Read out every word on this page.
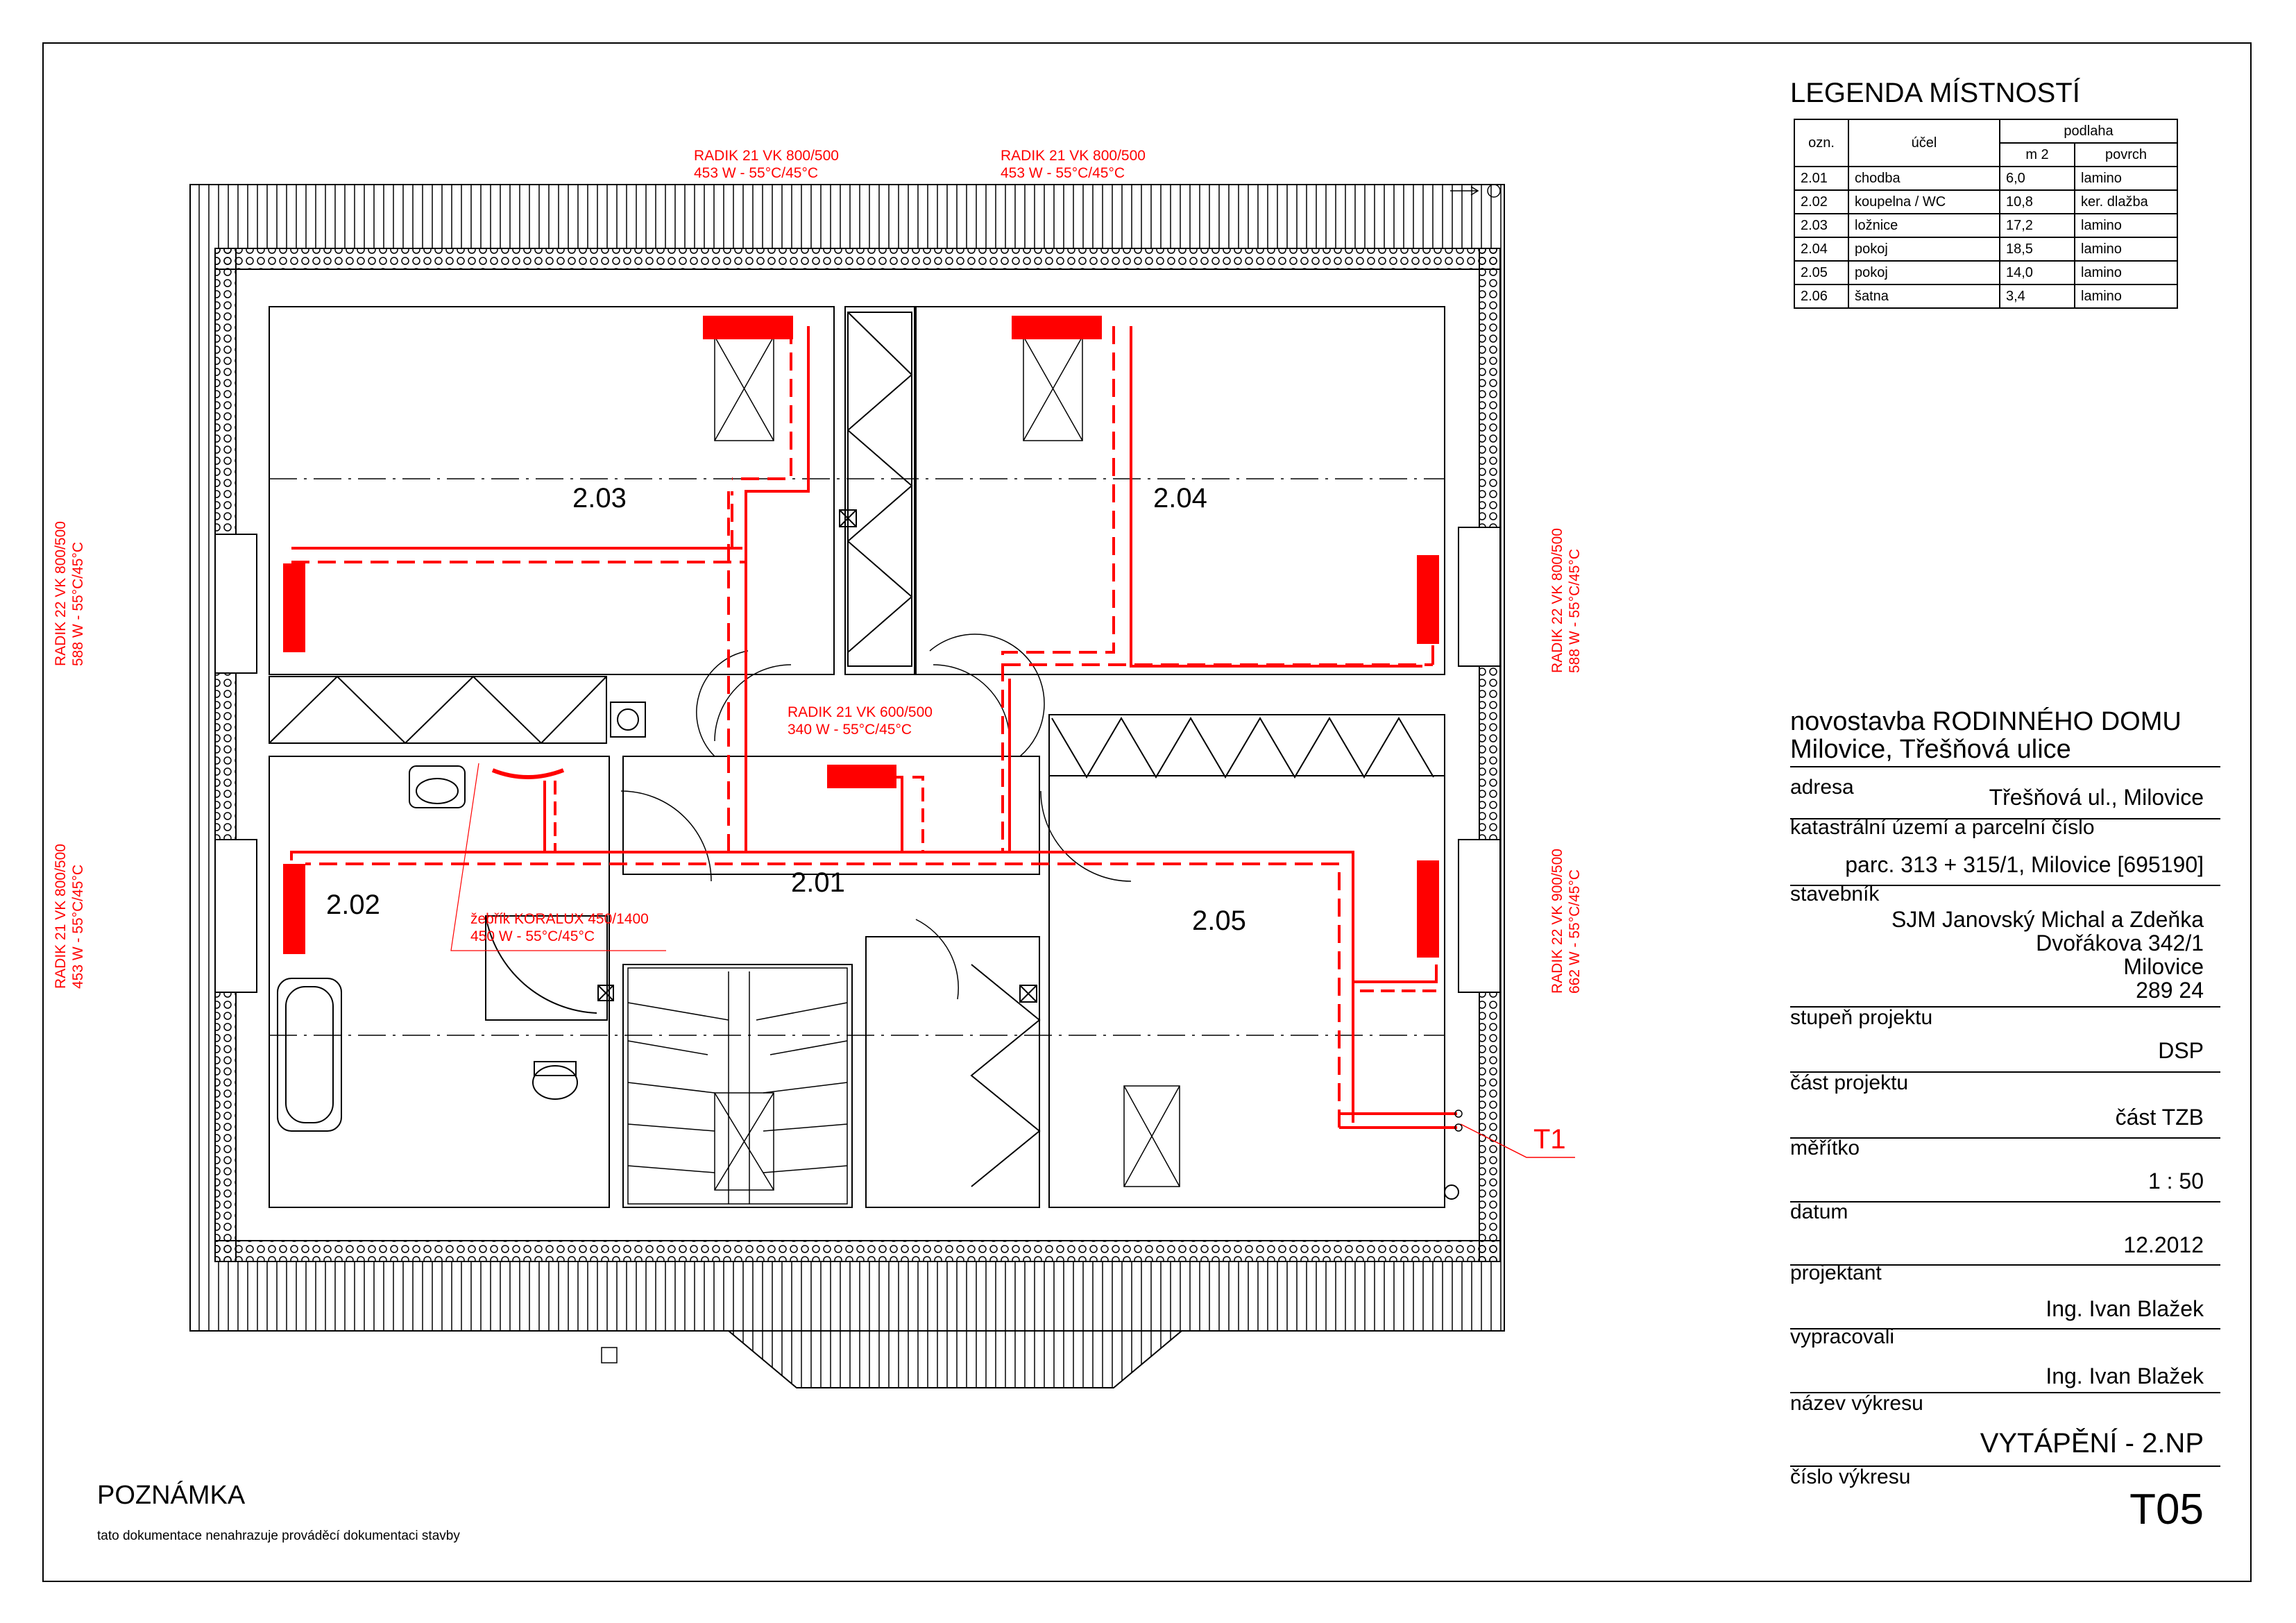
2.03	2.04
2.02
2.01
2.05
T1
RADIK 21 VK 800/500
453 W - 55°C/45°C
RADIK 21 VK 800/500
453 W - 55°C/45°C
RADIK 21 VK 600/500
340 W - 55°C/45°C
žebřík KORALUX 450/1400
450 W - 55°C/45°C
RADIK 22 VK 800/500 588 W - 55°C/45°C
RADIK 21 VK 800/500 453 W - 55°C/45°C
RADIK 22 VK 800/500 588 W - 55°C/45°C
RADIK 22 VK 900/500 662 W - 55°C/45°C
LEGENDA MÍSTNOSTÍ
ozn.	účel	podlaha	
		m 2	povrch
2.01	chodba	6,0	lamino
2.02	koupelna / WC	10,8	ker. dlažba
2.03	ložnice	17,2	lamino
2.04	pokoj	18,5	lamino
2.05	pokoj	14,0	lamino
2.06	šatna	3,4	lamino
novostavba RODINNÉHO DOMU
Milovice, Třešňová ulice
adresa	Třešňová ul., Milovice
katastrální území a parcelní číslo
parc. 313 + 315/1, Milovice [695190]
stavebník
SJM Janovský Michal a Zdeňka
Dvořákova 342/1
Milovice
289 24
stupeň projektu
DSP
část projektu
část TZB
měřítko
1 : 50
datum
12.2012
projektant
Ing. Ivan Blažek
vypracovali
Ing. Ivan Blažek
název výkresu
VYTÁPĚNÍ - 2.NP
číslo výkresu
T05
POZNÁMKA
tato dokumentace nenahrazuje prováděcí dokumentaci stavby
